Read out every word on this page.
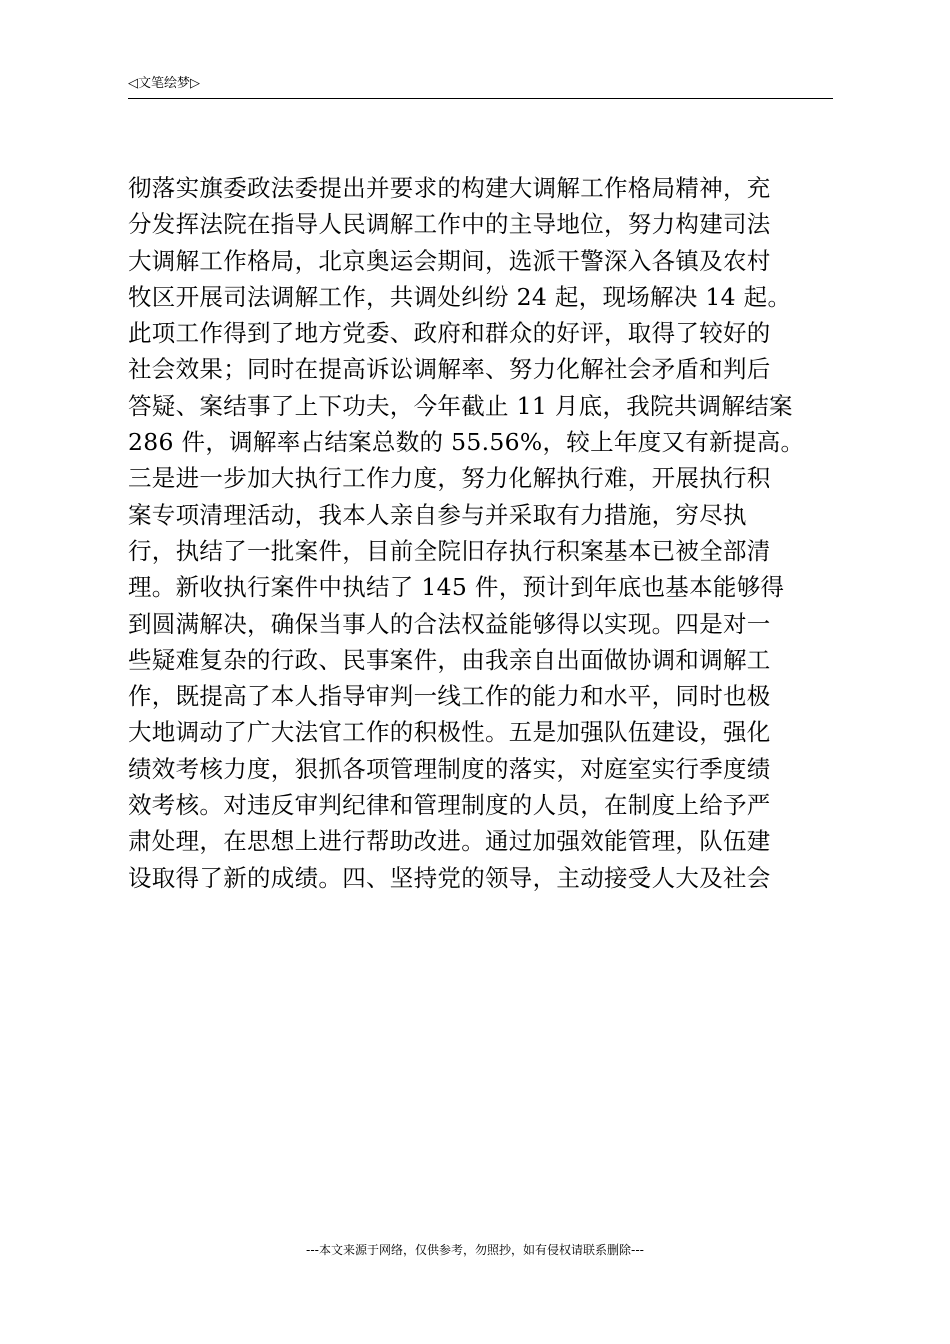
◁文笔绘梦▷
彻落实旗委政法委提出并要求的构建大调解工作格局精神，充
分发挥法院在指导人民调解工作中的主导地位，努力构建司法
大调解工作格局，北京奥运会期间，选派干警深入各镇及农村
牧区开展司法调解工作，共调处纠纷 24 起，现场解决 14 起。
此项工作得到了地方党委、政府和群众的好评，取得了较好的
社会效果；同时在提高诉讼调解率、努力化解社会矛盾和判后
答疑、案结事了上下功夫，今年截止 11 月底，我院共调解结案
286 件，调解率占结案总数的 55.56%，较上年度又有新提高。
三是进一步加大执行工作力度，努力化解执行难，开展执行积
案专项清理活动，我本人亲自参与并采取有力措施，穷尽执
行，执结了一批案件，目前全院旧存执行积案基本已被全部清
理。新收执行案件中执结了 145 件，预计到年底也基本能够得
到圆满解决，确保当事人的合法权益能够得以实现。四是对一
些疑难复杂的行政、民事案件，由我亲自出面做协调和调解工
作，既提高了本人指导审判一线工作的能力和水平，同时也极
大地调动了广大法官工作的积极性。五是加强队伍建设，强化
绩效考核力度，狠抓各项管理制度的落实，对庭室实行季度绩
效考核。对违反审判纪律和管理制度的人员，在制度上给予严
肃处理，在思想上进行帮助改进。通过加强效能管理，队伍建
设取得了新的成绩。四、坚持党的领导，主动接受人大及社会
---本文来源于网络，仅供参考，勿照抄，如有侵权请联系删除---
